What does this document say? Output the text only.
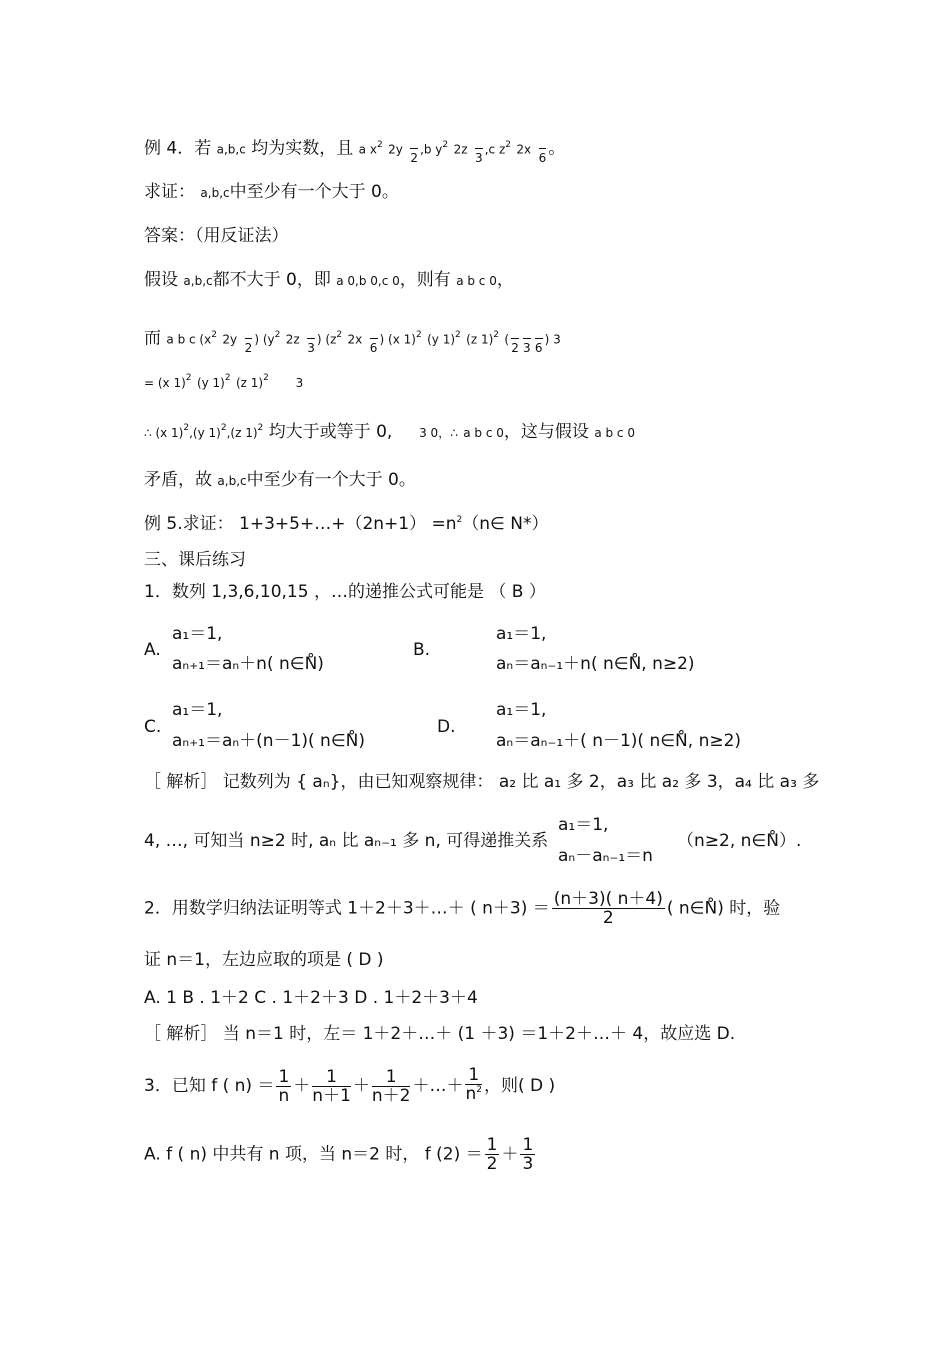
例 4．若 a,b,c 均为实数，且 a $x^2$ 2y

2
,b $y^2$ 2z

3
,c $z^2$ 2x

6 。
求证： a,b,c中至少有一个大于 0。
答案：（用反证法）
假设 a,b,c都不大于 0，即 a 0,b 0,c 0，则有 a b c 0，
而 a b c ($x^2$ 2y

2
) ($y^2$ 2z

3
) ($z^2$ 2x

6
) (x 1)$^2$ (y 1)$^2$ (z 1)$^2$ (

2
3
6
) 3
= (x 1)$^2$ (y 1)$^2$ (z 1)$^2$ 3
∴ (x 1)$^2$,(y 1)$^2$,(z 1)$^2$ 均大于或等于 0, 3 0，∴ a b c 0，这与假设 a b c 0
矛盾，故 a,b,c中至少有一个大于 0。
例 5.求证： 1+3+5+…+（2n+1） $=n^2(n\in$ N*）
三、课后练习
1．数列 1,3,6,10,15 ，…的递推公式可能是 （ B ）
A.
a₁＝1,
aₙ₊₁＝aₙ＋n( n∈N̊)
B.
a₁＝1,
aₙ＝aₙ₋₁＋n( n∈N̊, n≥2)
C.
a₁＝1,
aₙ₊₁＝aₙ＋(n－1)( n∈N̊)
D.
a₁＝1,
aₙ＝aₙ₋₁＋( n－1)( n∈N̊, n≥2)
［ 解析］ 记数列为 { aₙ}，由已知观察规律： a₂ 比 a₁ 多 2，a₃ 比 a₂ 多 3，a₄ 比 a₃ 多
4, …, 可知当 n≥2 时, aₙ 比 aₙ₋₁ 多 n, 可得递推关系
a₁＝1,
aₙ－aₙ₋₁＝n
（n≥2, n∈N̊）.
2．用数学归纳法证明等式 1＋2＋3＋…＋ ( $n+3) = \frac{(n+3)( n+4)}{2}$ ( n∈N̊) 时，验
证 n＝1，左边应取的项是 ( D )
A. 1 B . 1＋2 C . 1＋2＋3 D . 1＋2＋3＋4
［ 解析］ 当 n＝1 时，左＝ 1＋2＋…＋ (1 ＋3) ＝1＋2＋…＋ 4，故应选 D.
3．已知 f ( $n) = \frac{1}{n} + \frac{1}{n+1} + \frac{1}{n+2}$ ＋…＋ $\frac{1}{n^2}$ ，则( D )
A. f ( n) 中共有 n 项，当 n＝2 时， f $(2) = \frac{1}{2} + \frac{1}{3}$
